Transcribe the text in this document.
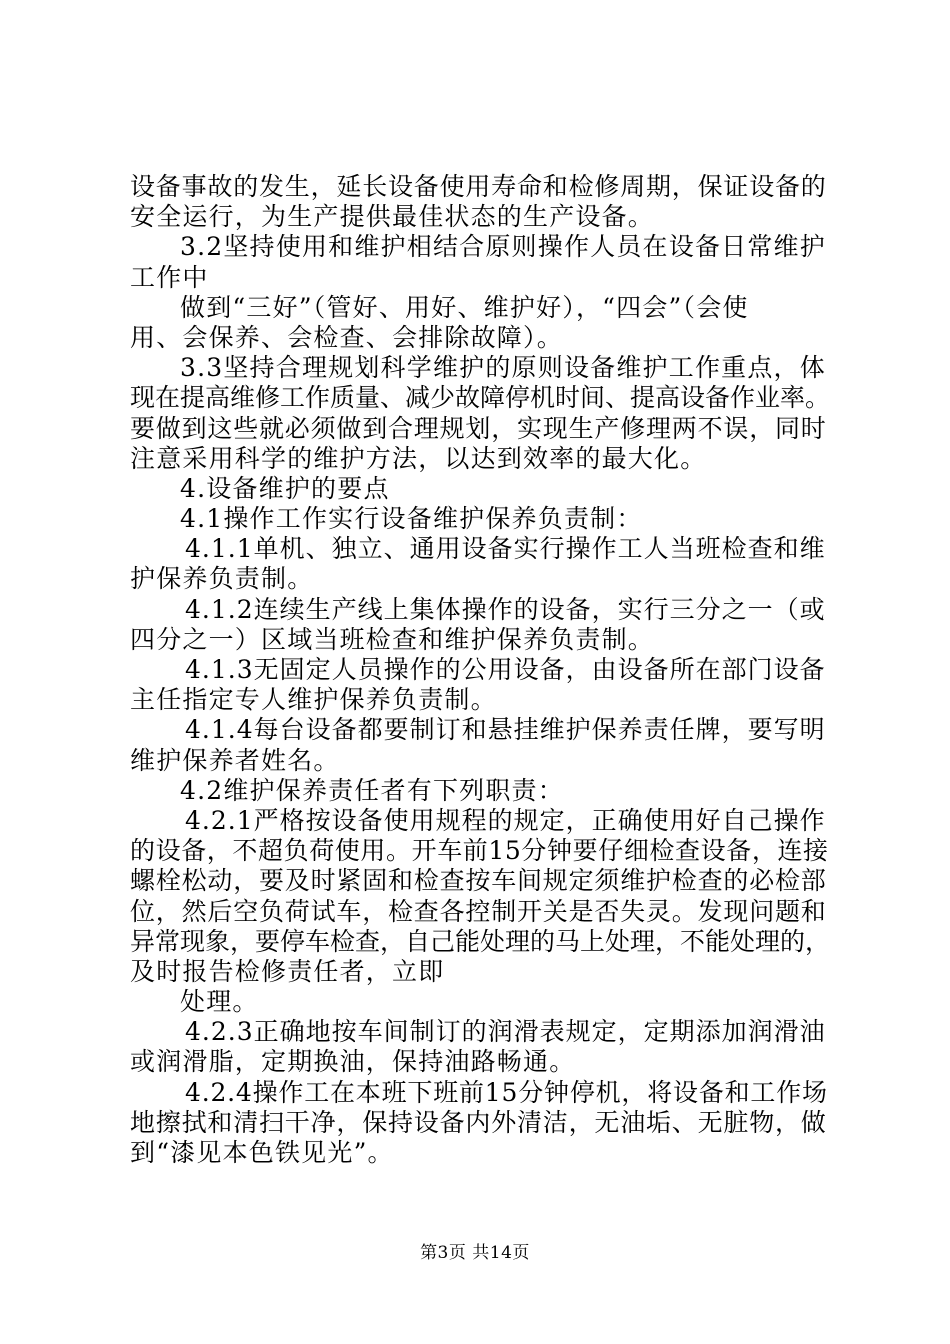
设备事故的发生，延长设备使用寿命和检修周期，保证设备的
安全运行，为生产提供最佳状态的生产设备。
3.2坚持使用和维护相结合原则操作人员在设备日常维护
工作中
做到“三好”（管好、用好、维护好），“四会”（会使
用、会保养、会检查、会排除故障）。
3.3坚持合理规划科学维护的原则设备维护工作重点，体
现在提高维修工作质量、减少故障停机时间、提高设备作业率。
要做到这些就必须做到合理规划，实现生产修理两不误，同时
注意采用科学的维护方法，以达到效率的最大化。
4.设备维护的要点
4.1操作工作实行设备维护保养负责制：
4.1.1单机、独立、通用设备实行操作工人当班检查和维
护保养负责制。
4.1.2连续生产线上集体操作的设备，实行三分之一（或
四分之一）区域当班检查和维护保养负责制。
4.1.3无固定人员操作的公用设备，由设备所在部门设备
主任指定专人维护保养负责制。
4.1.4每台设备都要制订和悬挂维护保养责任牌，要写明
维护保养者姓名。
4.2维护保养责任者有下列职责：
4.2.1严格按设备使用规程的规定，正确使用好自己操作
的设备，不超负荷使用。开车前15分钟要仔细检查设备，连接
螺栓松动，要及时紧固和检查按车间规定须维护检查的必检部
位，然后空负荷试车，检查各控制开关是否失灵。发现问题和
异常现象，要停车检查，自己能处理的马上处理，不能处理的，
及时报告检修责任者，立即
处理。
4.2.3正确地按车间制订的润滑表规定，定期添加润滑油
或润滑脂，定期换油，保持油路畅通。
4.2.4操作工在本班下班前15分钟停机，将设备和工作场
地擦拭和清扫干净，保持设备内外清洁，无油垢、无脏物，做
到“漆见本色铁见光”。
第3页 共14页
